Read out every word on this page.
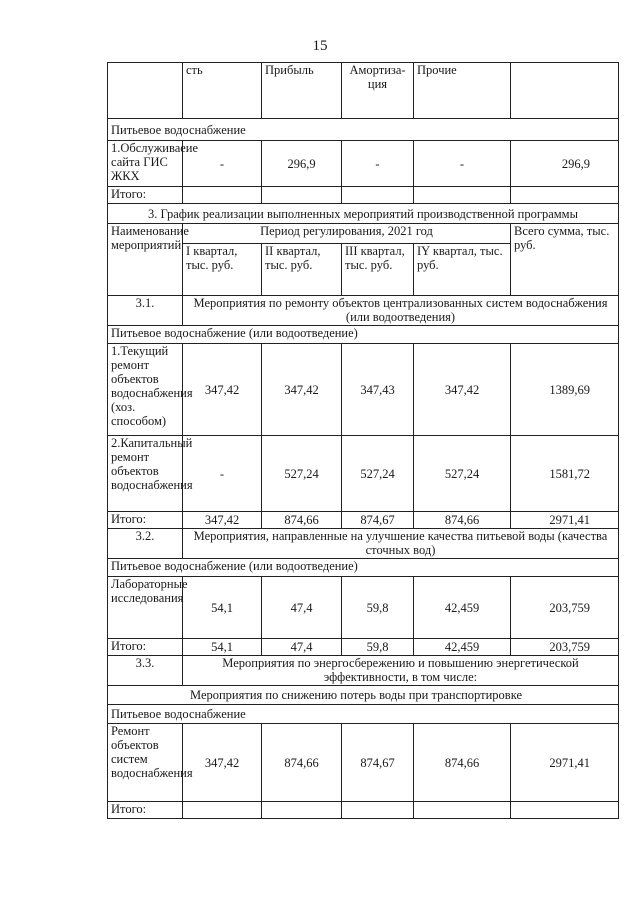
15
	сть	Прибыль	Амортиза-ция	Прочие	
Питьевое водоснабжение					
1.Обслуживаеие сайта ГИС ЖКХ	-	296,9	-	-	296,9
Итого:					
3. График реализации выполненных мероприятий производственной программы					
Наименование мероприятий	Период регулирования, 2021 год				Всего сумма, тыс. руб.
	I квартал, тыс. руб.	II квартал, тыс. руб.	III квартал, тыс. руб.	IY квартал, тыс. руб.	
3.1.	Мероприятия по ремонту объектов централизованных систем водоснабжения (или водоотведения)				
Питьевое водоснабжение (или водоотведение)					
1.Текущий ремонт объектов водоснабжения (хоз. способом)	347,42	347,42	347,43	347,42	1389,69
2.Капитальный ремонт объектов водоснабжения	-	527,24	527,24	527,24	1581,72
Итого:	347,42	874,66	874,67	874,66	2971,41
3.2.	Мероприятия, направленные на улучшение качества питьевой воды (качества сточных вод)				
Питьевое водоснабжение (или водоотведение)					
Лабораторные исследования	54,1	47,4	59,8	42,459	203,759
Итого:	54,1	47,4	59,8	42,459	203,759
3.3.	Мероприятия по энергосбережению и повышению энергетической эффективности, в том числе:				
Мероприятия по снижению потерь воды при транспортировке					
Питьевое водоснабжение					
Ремонт объектов систем водоснабжения	347,42	874,66	874,67	874,66	2971,41
Итого:					
